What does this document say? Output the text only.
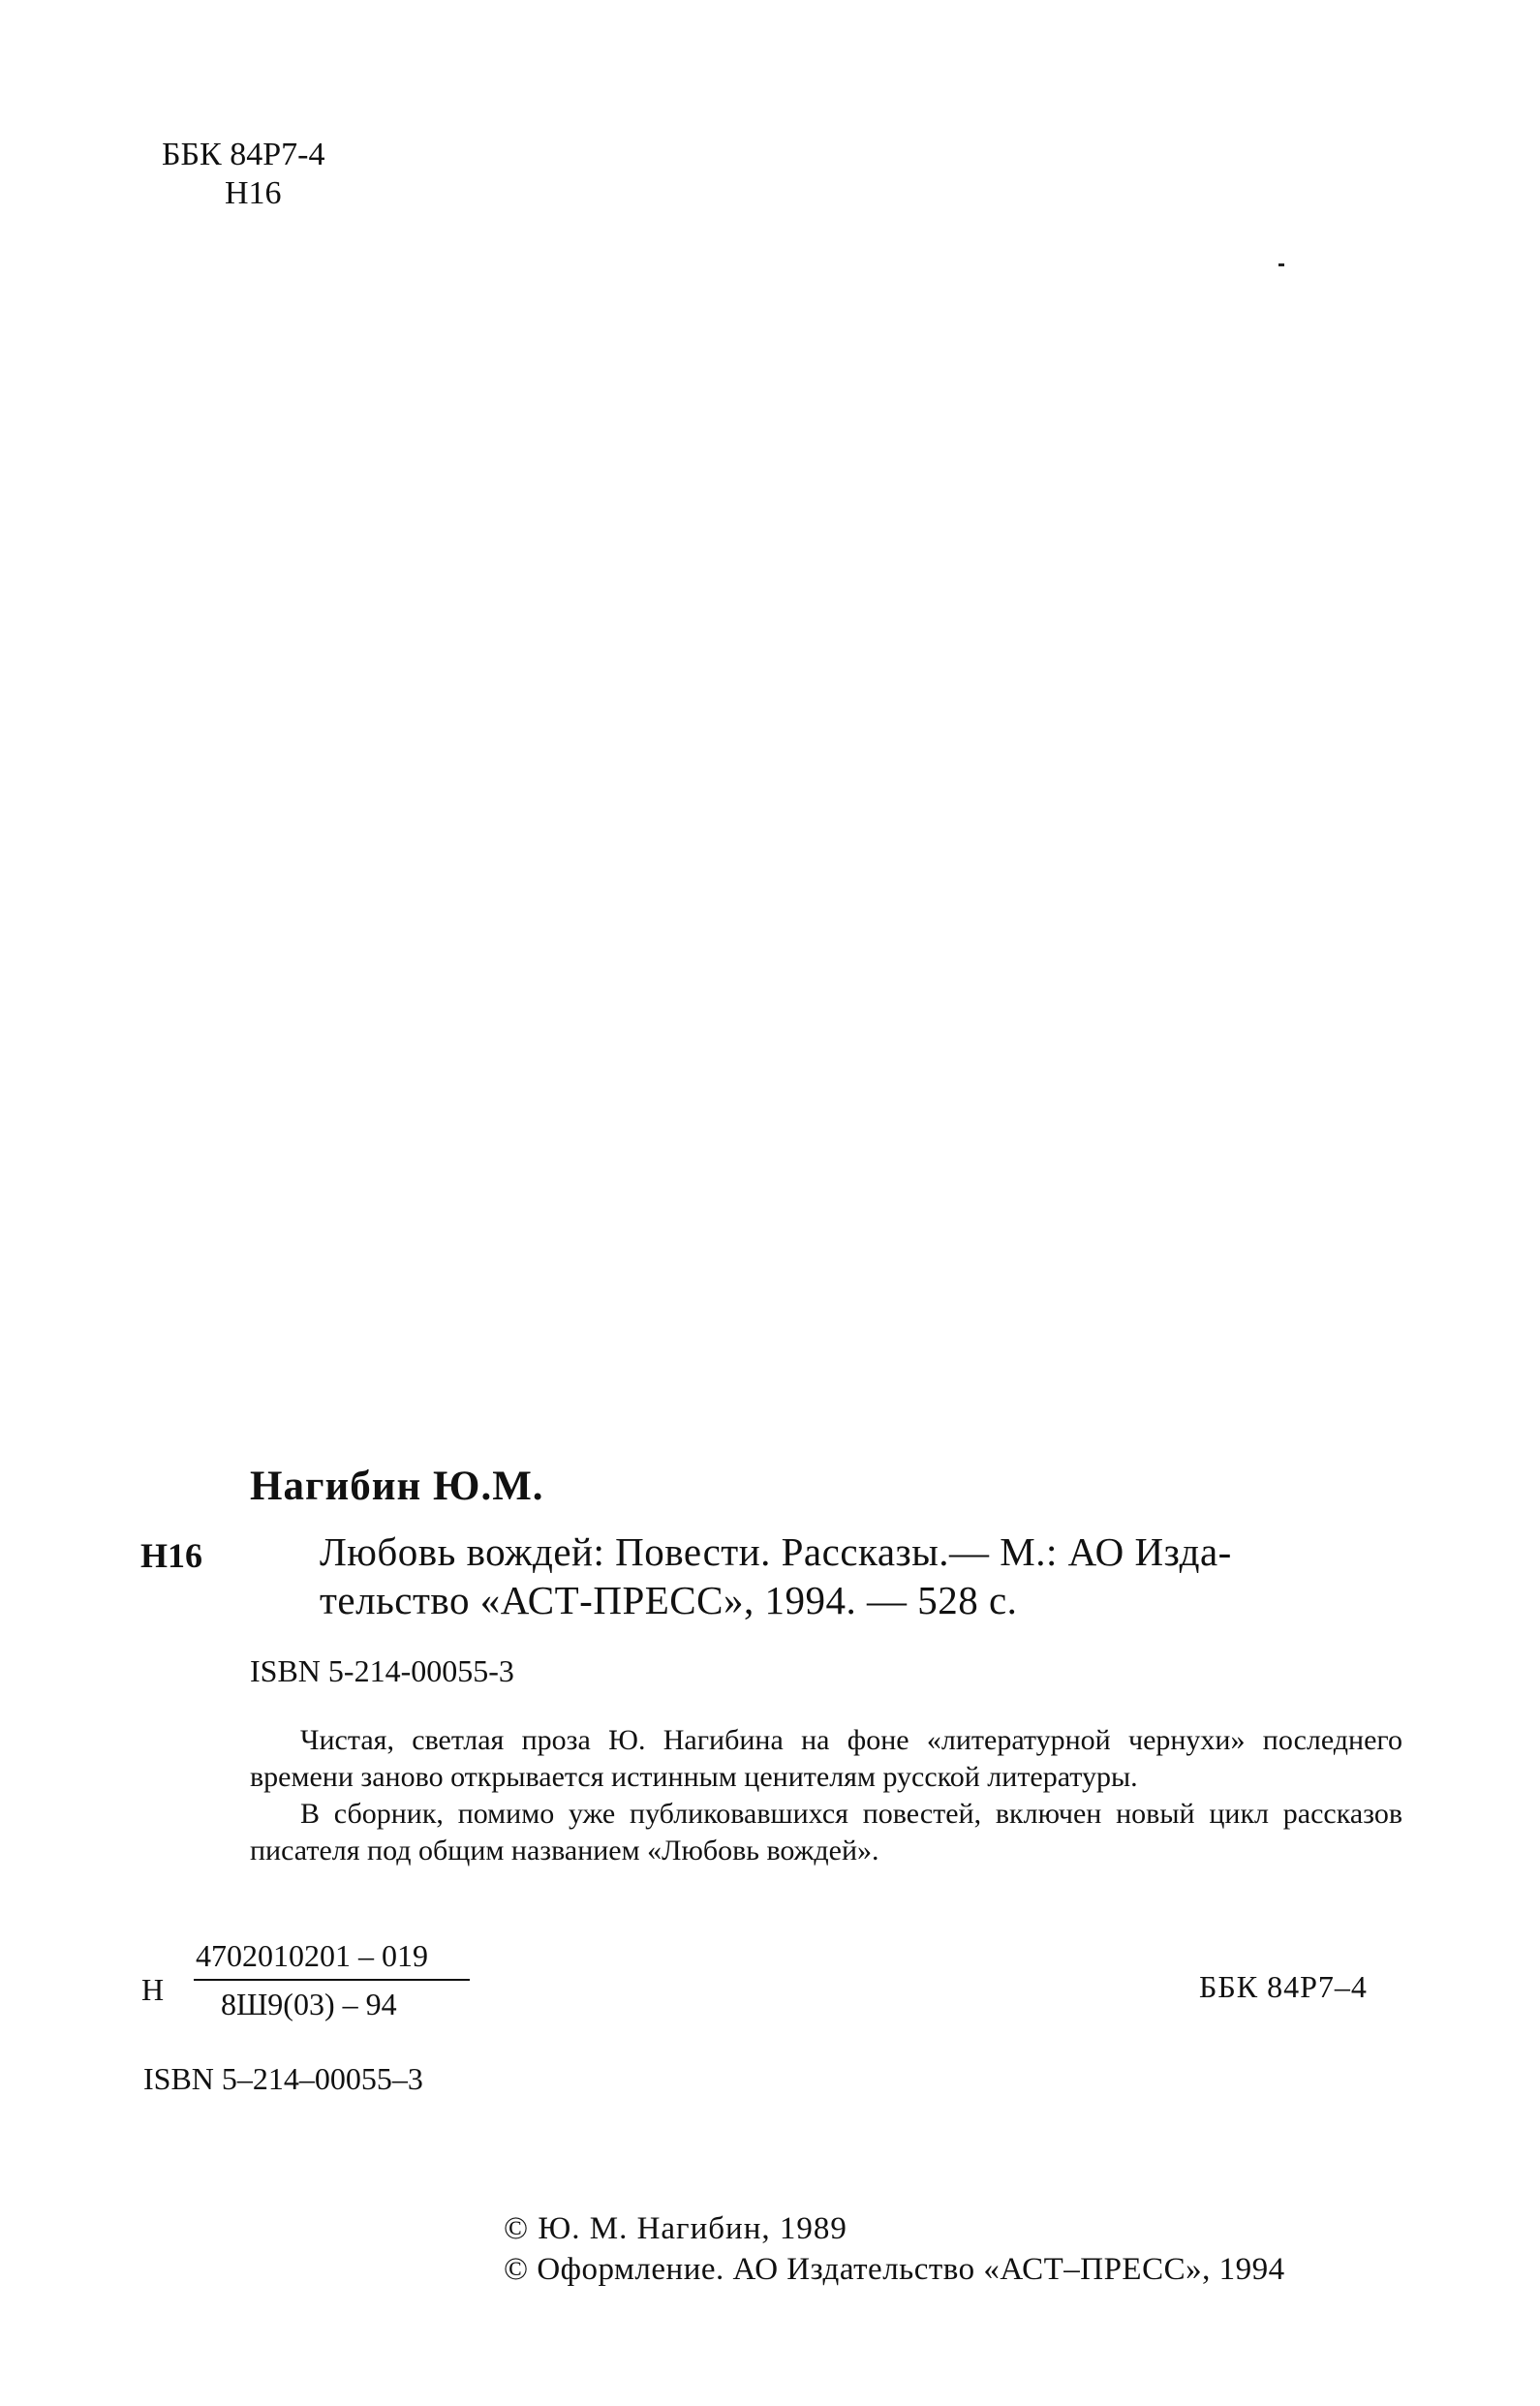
ББК 84Р7-4
Н16
Нагибин Ю.М.
Н16	Любовь вождей: Повести. Рассказы.— М.: АО Изда-
тельство «АСТ-ПРЕСС», 1994. — 528 с.
ISBN 5-214-00055-3

Чистая, светлая проза Ю. Нагибина на фоне «литературной чернухи» последнего времени заново открывается истинным ценителям русской литературы.

В сборник, помимо уже публиковавшихся повестей, включен новый цикл рассказов писателя под общим названием «Любовь вождей».

Н
4702010201 – 019
8Ш9(03) – 94	ББК 84Р7–4
ISBN 5–214–00055–3
© Ю. М. Нагибин, 1989
© Оформление. АО Издательство «АСТ–ПРЕСС», 1994
